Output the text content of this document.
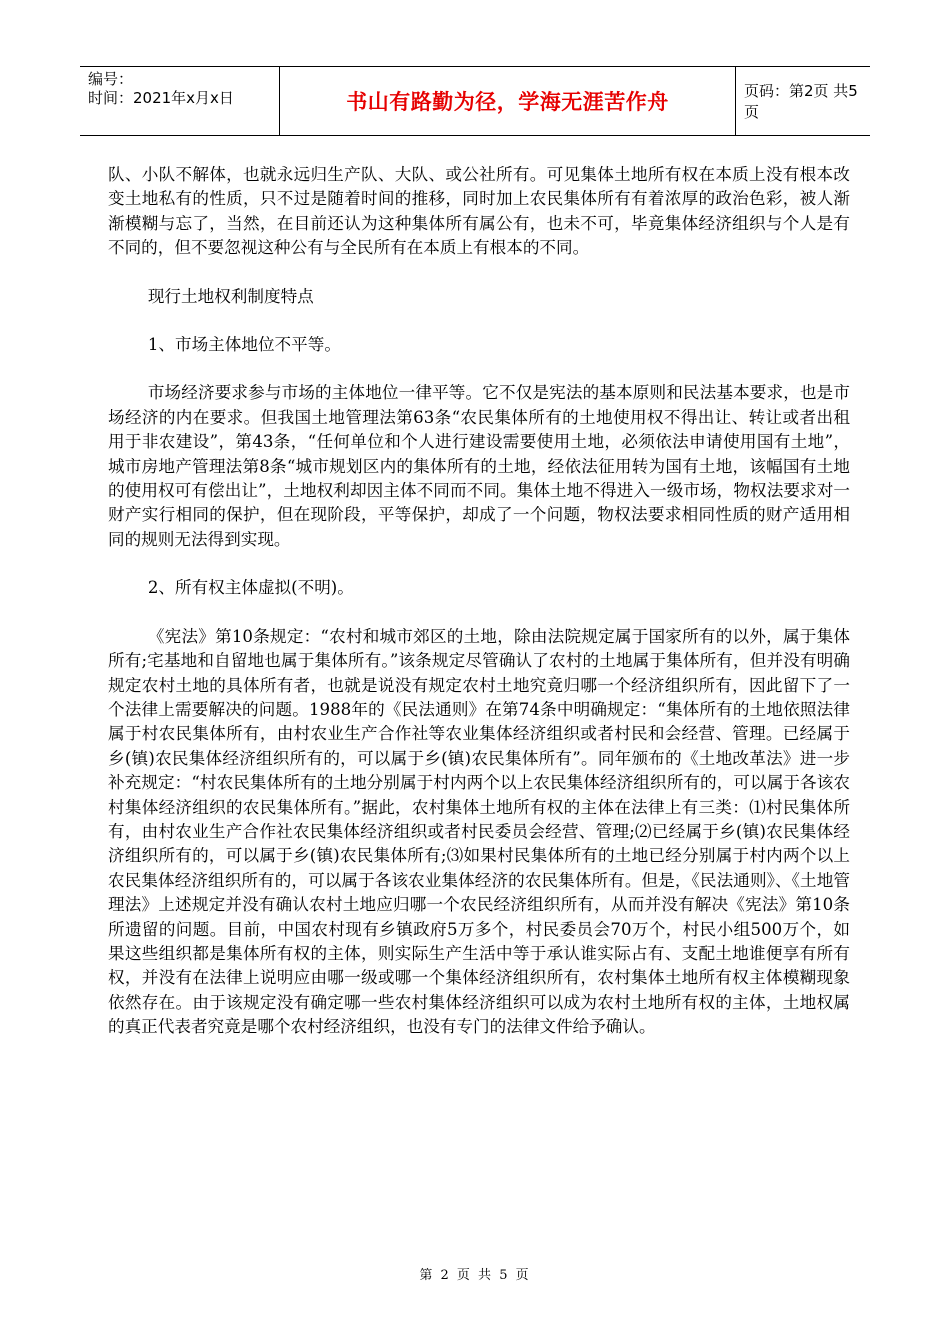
编号：
时间：2021年x月x日	书山有路勤为径，学海无涯苦作舟	页码：第2页 共5页

队、小队不解体，也就永远归生产队、大队、或公社所有。可见集体土地所有权在本质上没有根本改变土地私有的性质，只不过是随着时间的推移，同时加上农民集体所有有着浓厚的政治色彩，被人渐渐模糊与忘了，当然，在目前还认为这种集体所有属公有，也未不可，毕竟集体经济组织与个人是有不同的，但不要忽视这种公有与全民所有在本质上有根本的不同。

现行土地权利制度特点

1、市场主体地位不平等。

市场经济要求参与市场的主体地位一律平等。它不仅是宪法的基本原则和民法基本要求，也是市场经济的内在要求。但我国土地管理法第63条“农民集体所有的土地使用权不得出让、转让或者出租用于非农建设”，第43条，“任何单位和个人进行建设需要使用土地，必须依法申请使用国有土地”， 城市房地产管理法第8条“城市规划区内的集体所有的土地，经依法征用转为国有土地，该幅国有土地的使用权可有偿出让”，土地权利却因主体不同而不同。集体土地不得进入一级市场，物权法要求对一财产实行相同的保护，但在现阶段，平等保护，却成了一个问题，物权法要求相同性质的财产适用相同的规则无法得到实现。

2、所有权主体虚拟(不明)。

《宪法》第10条规定：“农村和城市郊区的土地，除由法院规定属于国家所有的以外，属于集体所有;宅基地和自留地也属于集体所有。”该条规定尽管确认了农村的土地属于集体所有，但并没有明确规定农村土地的具体所有者，也就是说没有规定农村土地究竟归哪一个经济组织所有，因此留下了一个法律上需要解决的问题。1988年的《民法通则》在第74条中明确规定：“集体所有的土地依照法律属于村农民集体所有，由村农业生产合作社等农业集体经济组织或者村民和会经营、管理。已经属于乡(镇)农民集体经济组织所有的，可以属于乡(镇)农民集体所有”。同年颁布的《土地改革法》进一步补充规定：“村农民集体所有的土地分别属于村内两个以上农民集体经济组织所有的，可以属于各该农村集体经济组织的农民集体所有。”据此，农村集体土地所有权的主体在法律上有三类：⑴村民集体所有，由村农业生产合作社农民集体经济组织或者村民委员会经营、管理;⑵已经属于乡(镇)农民集体经济组织所有的，可以属于乡(镇)农民集体所有;⑶如果村民集体所有的土地已经分别属于村内两个以上农民集体经济组织所有的，可以属于各该农业集体经济的农民集体所有。但是，《民法通则》、《土地管理法》上述规定并没有确认农村土地应归哪一个农民经济组织所有，从而并没有解决《宪法》第10条所遗留的问题。目前，中国农村现有乡镇政府5万多个，村民委员会70万个，村民小组500万个，如果这些组织都是集体所有权的主体，则实际生产生活中等于承认谁实际占有、支配土地谁便享有所有权，并没有在法律上说明应由哪一级或哪一个集体经济组织所有，农村集体土地所有权主体模糊现象依然存在。由于该规定没有确定哪一些农村集体经济组织可以成为农村土地所有权的主体，土地权属的真正代表者究竟是哪个农村经济组织，也没有专门的法律文件给予确认。

第 2 页 共 5 页
